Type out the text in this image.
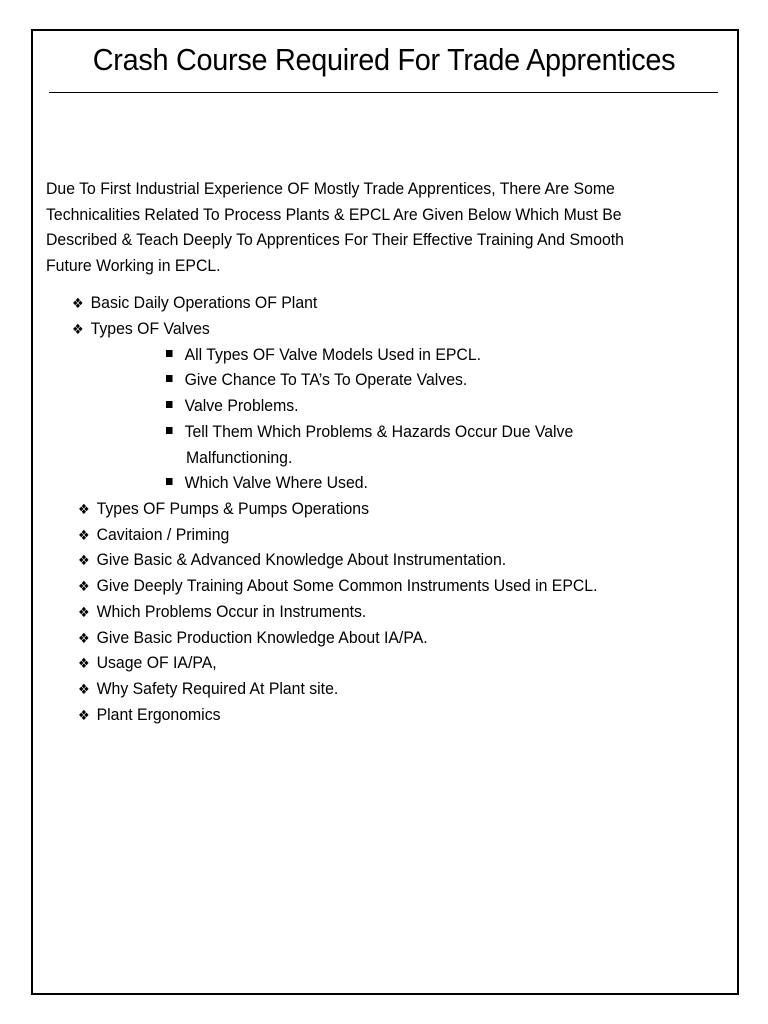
Crash Course Required For Trade Apprentices

Due To First Industrial Experience OF Mostly Trade Apprentices, There Are Some
Technicalities Related To Process Plants & EPCL Are Given Below Which Must Be
Described & Teach Deeply To Apprentices For Their Effective Training And Smooth
Future Working in EPCL.

❖ Basic Daily Operations OF Plant
❖ Types OF Valves
All Types OF Valve Models Used in EPCL.
Give Chance To TA’s To Operate Valves.
Valve Problems.
Tell Them Which Problems & Hazards Occur Due Valve
Malfunctioning.
Which Valve Where Used.
❖ Types OF Pumps & Pumps Operations
❖ Cavitaion / Priming
❖ Give Basic & Advanced Knowledge About Instrumentation.
❖ Give Deeply Training About Some Common Instruments Used in EPCL.
❖ Which Problems Occur in Instruments.
❖ Give Basic Production Knowledge About IA/PA.
❖ Usage OF IA/PA,
❖ Why Safety Required At Plant site.
❖ Plant Ergonomics
